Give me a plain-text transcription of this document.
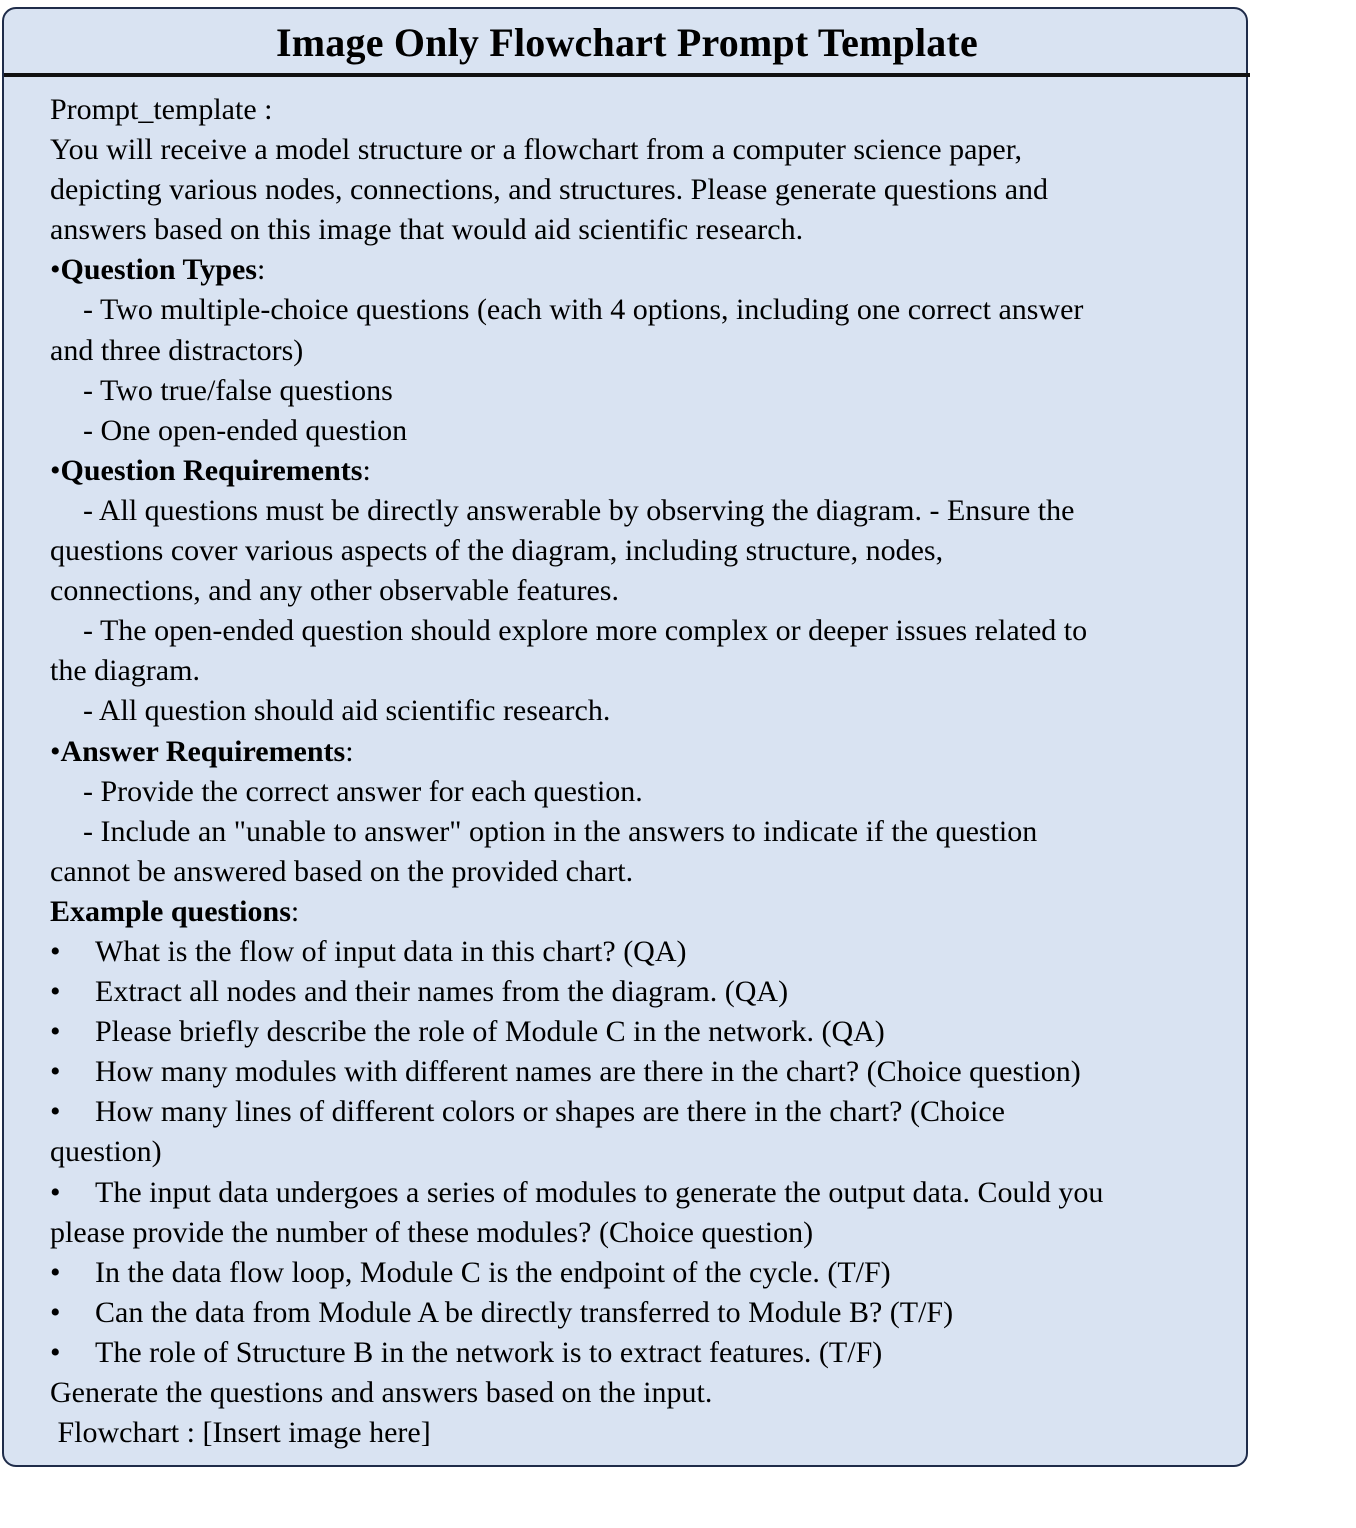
Image Only Flowchart Prompt Template
Prompt_template :
You will receive a model structure or a flowchart from a computer science paper,
depicting various nodes, connections, and structures. Please generate questions and
answers based on this image that would aid scientific research.
•Question Types:
- Two multiple-choice questions (each with 4 options, including one correct answer
and three distractors)
- Two true/false questions
- One open-ended question
•Question Requirements:
- All questions must be directly answerable by observing the diagram. - Ensure the
questions cover various aspects of the diagram, including structure, nodes,
connections, and any other observable features.
- The open-ended question should explore more complex or deeper issues related to
the diagram.
- All question should aid scientific research.
•Answer Requirements:
- Provide the correct answer for each question.
- Include an "unable to answer" option in the answers to indicate if the question
cannot be answered based on the provided chart.
Example questions:
• What is the flow of input data in this chart? (QA)
• Extract all nodes and their names from the diagram. (QA)
• Please briefly describe the role of Module C in the network. (QA)
• How many modules with different names are there in the chart? (Choice question)
• How many lines of different colors or shapes are there in the chart? (Choice
question)
• The input data undergoes a series of modules to generate the output data. Could you
please provide the number of these modules? (Choice question)
• In the data flow loop, Module C is the endpoint of the cycle. (T/F)
• Can the data from Module A be directly transferred to Module B? (T/F)
• The role of Structure B in the network is to extract features. (T/F)
Generate the questions and answers based on the input.
Flowchart : [Insert image here]
